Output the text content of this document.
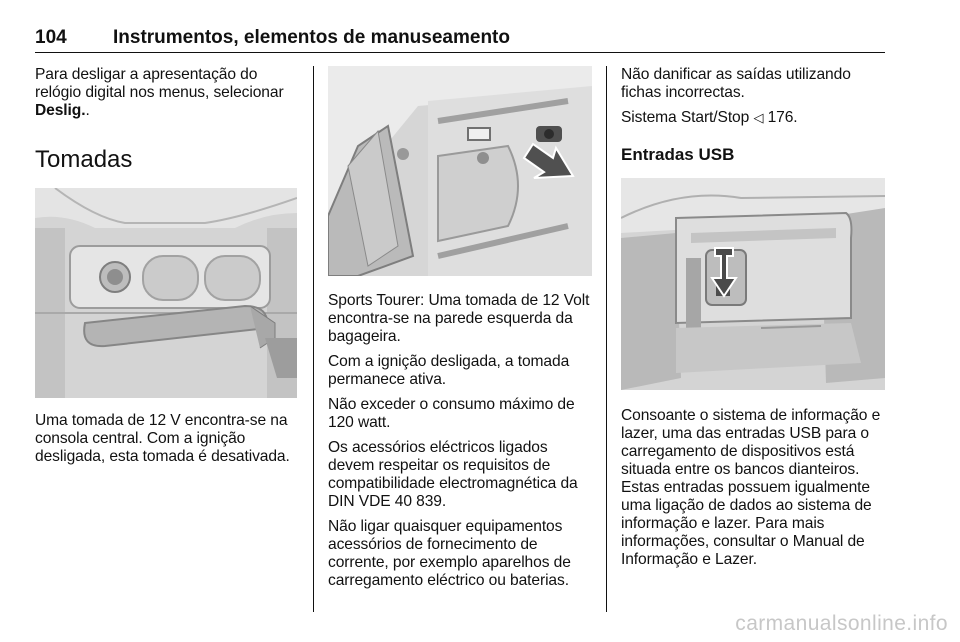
104 Instrumentos, elementos de manuseamento

Para desligar a apresentação do relógio digital nos menus, selecionar Deslig..

Tomadas

Uma tomada de 12 V encontra-se na consola central. Com a ignição desligada, esta tomada é desativada.

Sports Tourer: Uma tomada de 12 Volt encontra-se na parede esquerda da bagageira.

Com a ignição desligada, a tomada permanece ativa.

Não exceder o consumo máximo de 120 watt.

Os acessórios eléctricos ligados devem respeitar os requisitos de compatibilidade electromagnética da DIN VDE 40 839.

Não ligar quaisquer equipamentos acessórios de fornecimento de corrente, por exemplo aparelhos de carregamento eléctrico ou baterias.

Não danificar as saídas utilizando fichas incorrectas.

Sistema Start/Stop ◁ 176.

Entradas USB

Consoante o sistema de informação e lazer, uma das entradas USB para o carregamento de dispositivos está situada entre os bancos dianteiros. Estas entradas possuem igualmente uma ligação de dados ao sistema de informação e lazer. Para mais informações, consultar o Manual de Informação e Lazer.

carmanualsonline.info
